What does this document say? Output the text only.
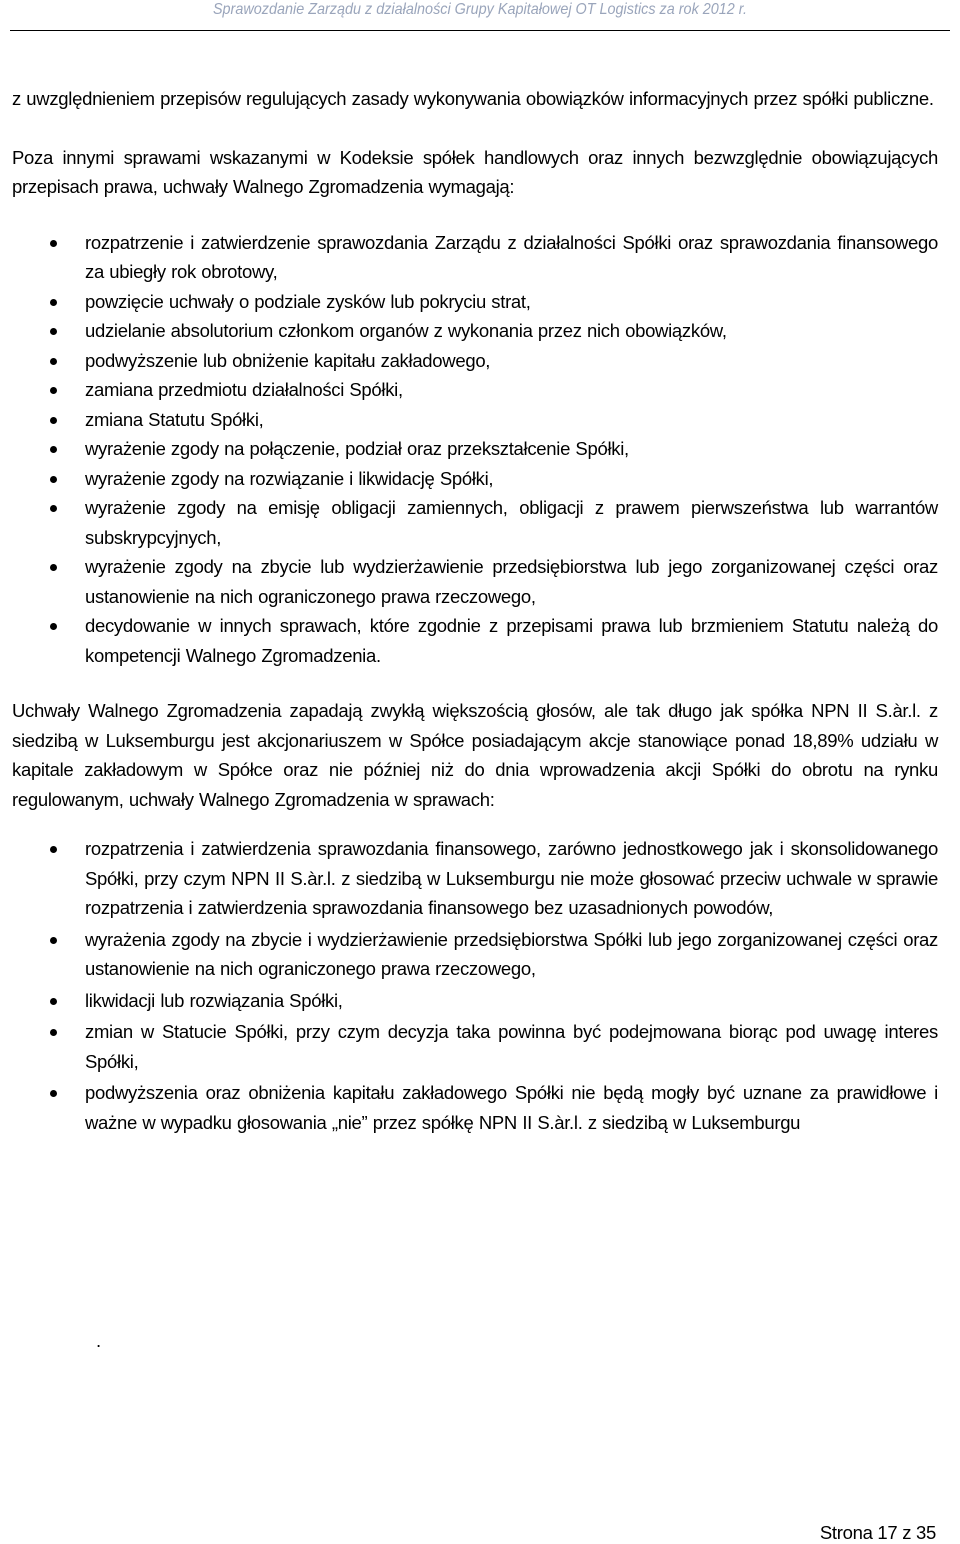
Sprawozdanie Zarządu z działalności Grupy Kapitałowej OT Logistics za rok 2012 r.

z uwzględnieniem przepisów regulujących zasady wykonywania obowiązków informacyjnych przez spółki publiczne.

Poza innymi sprawami wskazanymi w Kodeksie spółek handlowych oraz innych bezwzględnie obowiązujących przepisach prawa, uchwały Walnego Zgromadzenia wymagają:

rozpatrzenie i zatwierdzenie sprawozdania Zarządu z działalności Spółki oraz sprawozdania finansowego za ubiegły rok obrotowy,
powzięcie uchwały o podziale zysków lub pokryciu strat,
udzielanie absolutorium członkom organów z wykonania przez nich obowiązków,
podwyższenie lub obniżenie kapitału zakładowego,
zamiana przedmiotu działalności Spółki,
zmiana Statutu Spółki,
wyrażenie zgody na połączenie, podział oraz przekształcenie Spółki,
wyrażenie zgody na rozwiązanie i likwidację Spółki,
wyrażenie zgody na emisję obligacji zamiennych, obligacji z prawem pierwszeństwa lub warrantów subskrypcyjnych,
wyrażenie zgody na zbycie lub wydzierżawienie przedsiębiorstwa lub jego zorganizowanej części oraz ustanowienie na nich ograniczonego prawa rzeczowego,
decydowanie w innych sprawach, które zgodnie z przepisami prawa lub brzmieniem Statutu należą do kompetencji Walnego Zgromadzenia.

Uchwały Walnego Zgromadzenia zapadają zwykłą większością głosów, ale tak długo jak spółka NPN II S.àr.l. z siedzibą w Luksemburgu jest akcjonariuszem w Spółce posiadającym akcje stanowiące ponad 18,89% udziału w kapitale zakładowym w Spółce oraz nie później niż do dnia wprowadzenia akcji Spółki do obrotu na rynku regulowanym, uchwały Walnego Zgromadzenia w sprawach:

rozpatrzenia i zatwierdzenia sprawozdania finansowego, zarówno jednostkowego jak i skonsolidowanego Spółki, przy czym NPN II S.àr.l. z siedzibą w Luksemburgu nie może głosować przeciw uchwale w sprawie rozpatrzenia i zatwierdzenia sprawozdania finansowego bez uzasadnionych powodów,
wyrażenia zgody na zbycie i wydzierżawienie przedsiębiorstwa Spółki lub jego zorganizowanej części oraz ustanowienie na nich ograniczonego prawa rzeczowego,
likwidacji lub rozwiązania Spółki,
zmian w Statucie Spółki, przy czym decyzja taka powinna być podejmowana biorąc pod uwagę interes Spółki,
podwyższenia oraz obniżenia kapitału zakładowego Spółki nie będą mogły być uznane za prawidłowe i ważne w wypadku głosowania „nie” przez spółkę NPN II S.àr.l. z siedzibą w Luksemburgu
.
Strona 17 z 35
